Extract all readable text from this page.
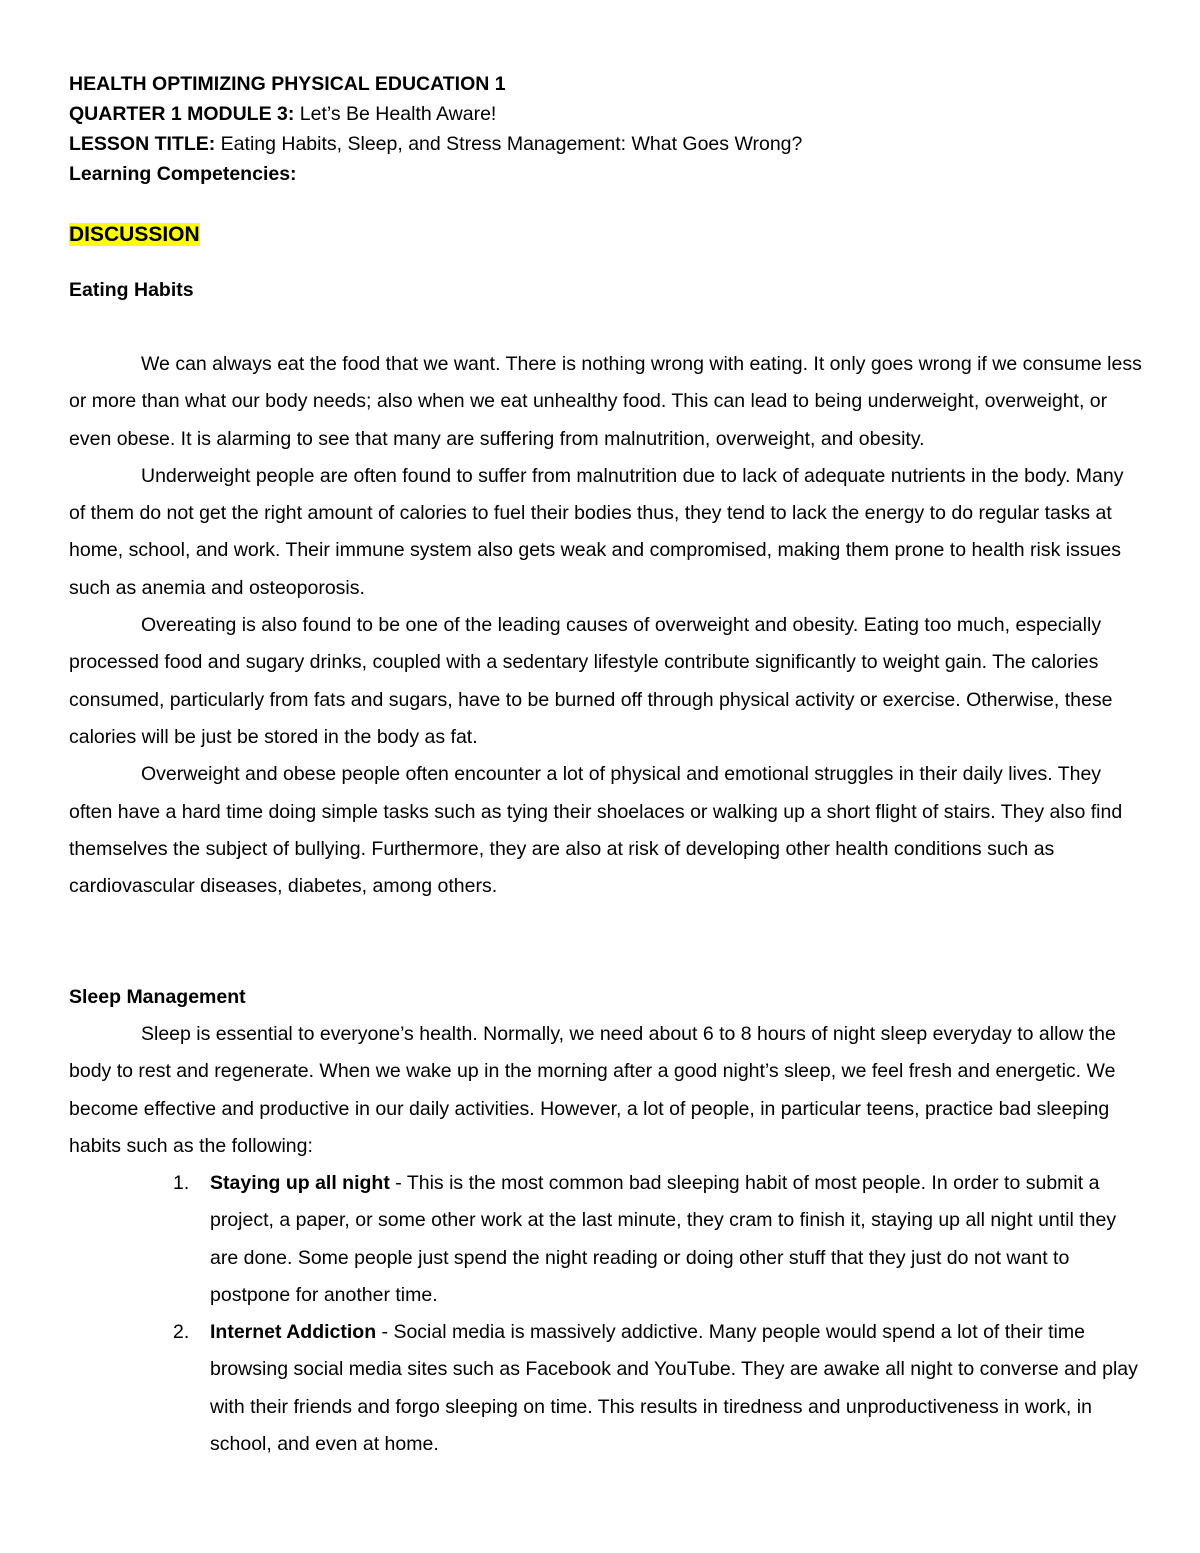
HEALTH OPTIMIZING PHYSICAL EDUCATION 1
QUARTER 1 MODULE 3: Let’s Be Health Aware!
LESSON TITLE: Eating Habits, Sleep, and Stress Management: What Goes Wrong?
Learning Competencies:
DISCUSSION
Eating Habits

We can always eat the food that we want. There is nothing wrong with eating. It only goes wrong if we consume less or more than what our body needs; also when we eat unhealthy food. This can lead to being underweight, overweight, or even obese. It is alarming to see that many are suffering from malnutrition, overweight, and obesity.

Underweight people are often found to suffer from malnutrition due to lack of adequate nutrients in the body. Many of them do not get the right amount of calories to fuel their bodies thus, they tend to lack the energy to do regular tasks at home, school, and work. Their immune system also gets weak and compromised, making them prone to health risk issues such as anemia and osteoporosis.

Overeating is also found to be one of the leading causes of overweight and obesity. Eating too much, especially processed food and sugary drinks, coupled with a sedentary lifestyle contribute significantly to weight gain. The calories consumed, particularly from fats and sugars, have to be burned off through physical activity or exercise. Otherwise, these calories will be just be stored in the body as fat.

Overweight and obese people often encounter a lot of physical and emotional struggles in their daily lives. They often have a hard time doing simple tasks such as tying their shoelaces or walking up a short flight of stairs. They also find themselves the subject of bullying. Furthermore, they are also at risk of developing other health conditions such as cardiovascular diseases, diabetes, among others.

Sleep Management

Sleep is essential to everyone’s health. Normally, we need about 6 to 8 hours of night sleep everyday to allow the body to rest and regenerate. When we wake up in the morning after a good night’s sleep, we feel fresh and energetic. We become effective and productive in our daily activities. However, a lot of people, in particular teens, practice bad sleeping habits such as the following:

1. Staying up all night - This is the most common bad sleeping habit of most people. In order to submit a project, a paper, or some other work at the last minute, they cram to finish it, staying up all night until they are done. Some people just spend the night reading or doing other stuff that they just do not want to postpone for another time.
2. Internet Addiction - Social media is massively addictive. Many people would spend a lot of their time browsing social media sites such as Facebook and YouTube. They are awake all night to converse and play with their friends and forgo sleeping on time. This results in tiredness and unproductiveness in work, in school, and even at home.
